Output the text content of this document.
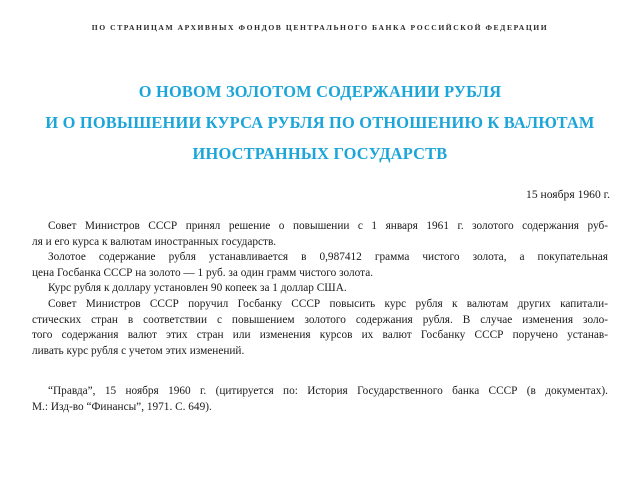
ПО СТРАНИЦАМ АРХИВНЫХ ФОНДОВ ЦЕНТРАЛЬНОГО БАНКА РОССИЙСКОЙ ФЕДЕРАЦИИ
О НОВОМ ЗОЛОТОМ СОДЕРЖАНИИ РУБЛЯ
И О ПОВЫШЕНИИ КУРСА РУБЛЯ ПО ОТНОШЕНИЮ К ВАЛЮТАМ
ИНОСТРАННЫХ ГОСУДАРСТВ
15 ноября 1960 г.
Совет Министров СССР принял решение о повышении с 1 января 1961 г. золотого содержания руб-
ля и его курса к валютам иностранных государств.
Золотое содержание рубля устанавливается в 0,987412 грамма чистого золота, а покупательная
цена Госбанка СССР на золото — 1 руб. за один грамм чистого золота.
Курс рубля к доллару установлен 90 копеек за 1 доллар США.
Совет Министров СССР поручил Госбанку СССР повысить курс рубля к валютам других капитали-
стических стран в соответствии с повышением золотого содержания рубля. В случае изменения золо-
того содержания валют этих стран или изменения курсов их валют Госбанку СССР поручено устанав-
ливать курс рубля с учетом этих изменений.
“Правда”, 15 ноября 1960 г. (цитируется по: История Государственного банка СССР (в документах).
М.: Изд-во “Финансы”, 1971. С. 649).
